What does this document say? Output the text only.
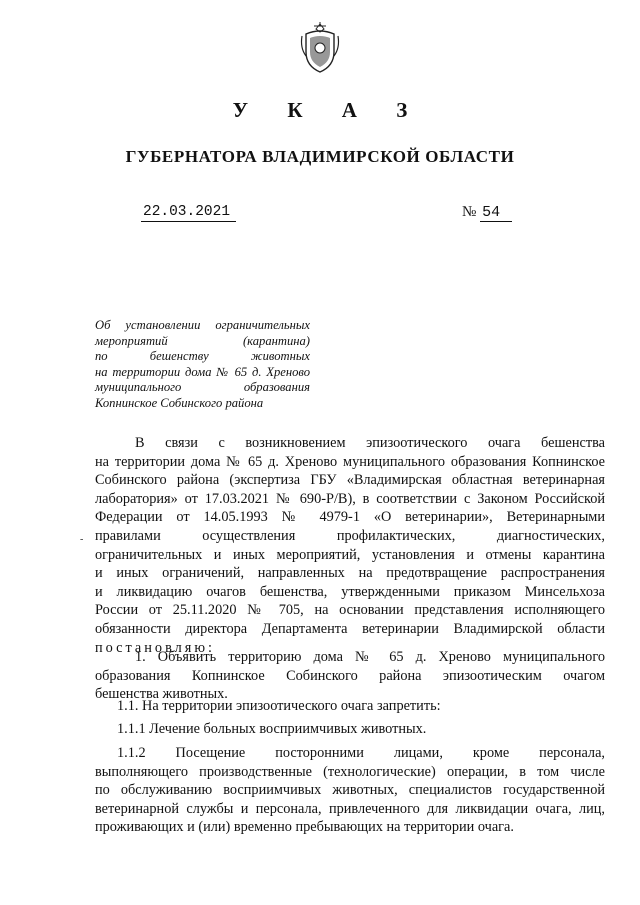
У К А З
ГУБЕРНАТОРА ВЛАДИМИРСКОЙ ОБЛАСТИ
22.03.2021	№ 54
Об установлении ограничительных
мероприятий (карантина)
по бешенству животных
на территории дома № 65 д. Хреново
муниципального образования
Копнинское Собинского района
-
В связи с возникновением эпизоотического очага бешенства
на территории дома № 65 д. Хреново муниципального образования Копнинское
Собинского района (экспертиза ГБУ «Владимирская областная ветеринарная
лаборатория» от 17.03.2021 № 690-Р/В), в соответствии с Законом Российской
Федерации от 14.05.1993 № 4979-1 «О ветеринарии», Ветеринарными
правилами осуществления профилактических, диагностических,
ограничительных и иных мероприятий, установления и отмены карантина
и иных ограничений, направленных на предотвращение распространения
и ликвидацию очагов бешенства, утвержденными приказом Минсельхоза
России от 25.11.2020 № 705, на основании представления исполняющего
обязанности директора Департамента ветеринарии Владимирской области
постановляю:
1. Объявить территорию дома № 65 д. Хреново муниципального
образования Копнинское Собинского района эпизоотическим очагом
бешенства животных.
1.1. На территории эпизоотического очага запретить:
1.1.1 Лечение больных восприимчивых животных.
1.1.2 Посещение посторонними лицами, кроме персонала,
выполняющего производственные (технологические) операции, в том числе
по обслуживанию восприимчивых животных, специалистов государственной
ветеринарной службы и персонала, привлеченного для ликвидации очага, лиц,
проживающих и (или) временно пребывающих на территории очага.
